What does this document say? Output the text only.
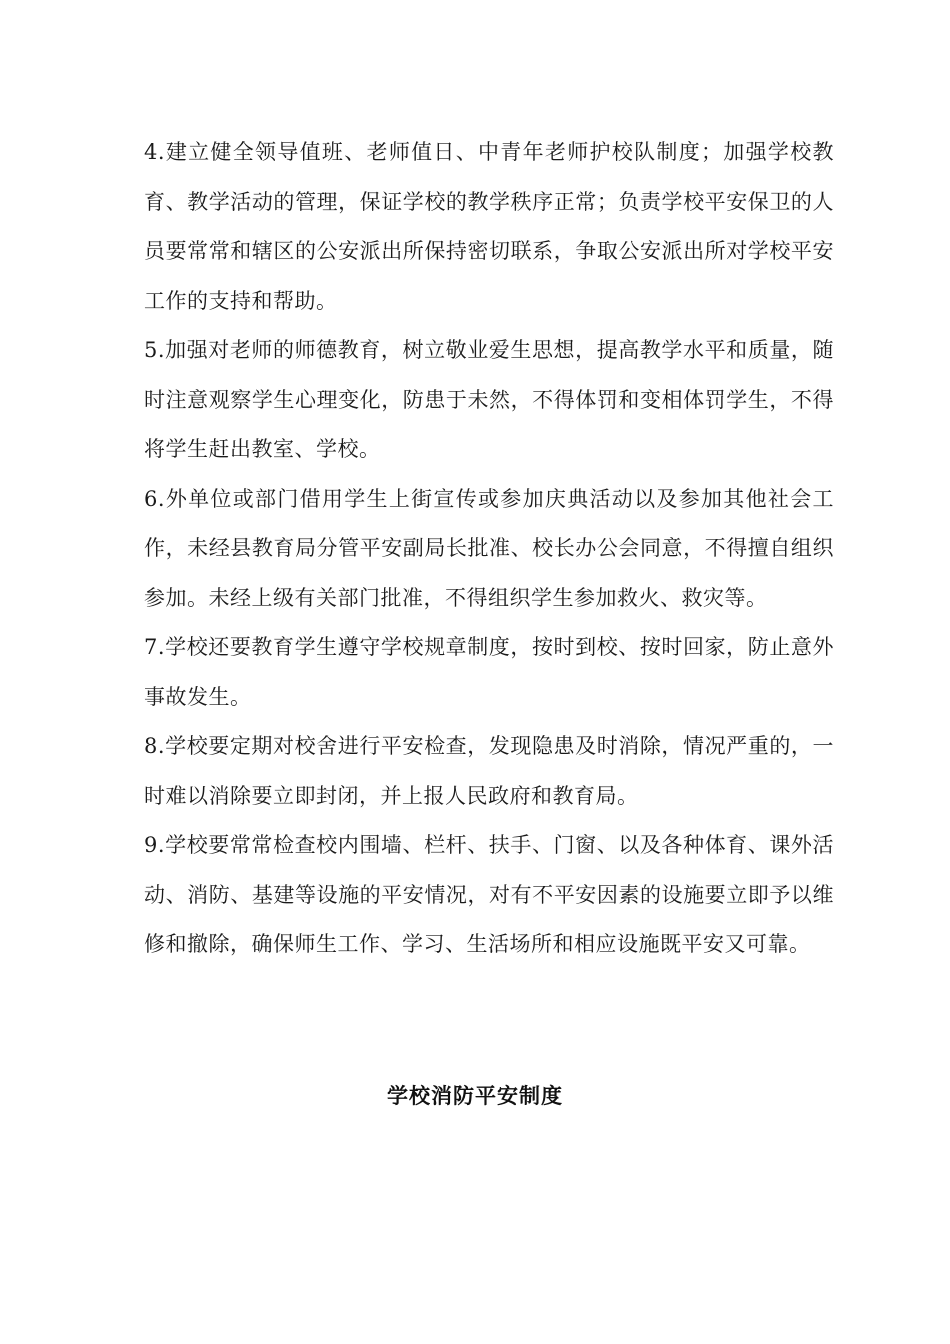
4.建立健全领导值班、老师值日、中青年老师护校队制度；加强学校教育、教学活动的管理，保证学校的教学秩序正常；负责学校平安保卫的人员要常常和辖区的公安派出所保持密切联系，争取公安派出所对学校平安工作的支持和帮助。

5.加强对老师的师德教育，树立敬业爱生思想，提高教学水平和质量，随时注意观察学生心理变化，防患于未然，不得体罚和变相体罚学生，不得将学生赶出教室、学校。

6.外单位或部门借用学生上街宣传或参加庆典活动以及参加其他社会工作，未经县教育局分管平安副局长批准、校长办公会同意，不得擅自组织参加。未经上级有关部门批准，不得组织学生参加救火、救灾等。

7.学校还要教育学生遵守学校规章制度，按时到校、按时回家，防止意外事故发生。

8.学校要定期对校舍进行平安检查，发现隐患及时消除，情况严重的，一时难以消除要立即封闭，并上报人民政府和教育局。

9.学校要常常检查校内围墙、栏杆、扶手、门窗、以及各种体育、课外活动、消防、基建等设施的平安情况，对有不平安因素的设施要立即予以维修和撤除，确保师生工作、学习、生活场所和相应设施既平安又可靠。

学校消防平安制度
